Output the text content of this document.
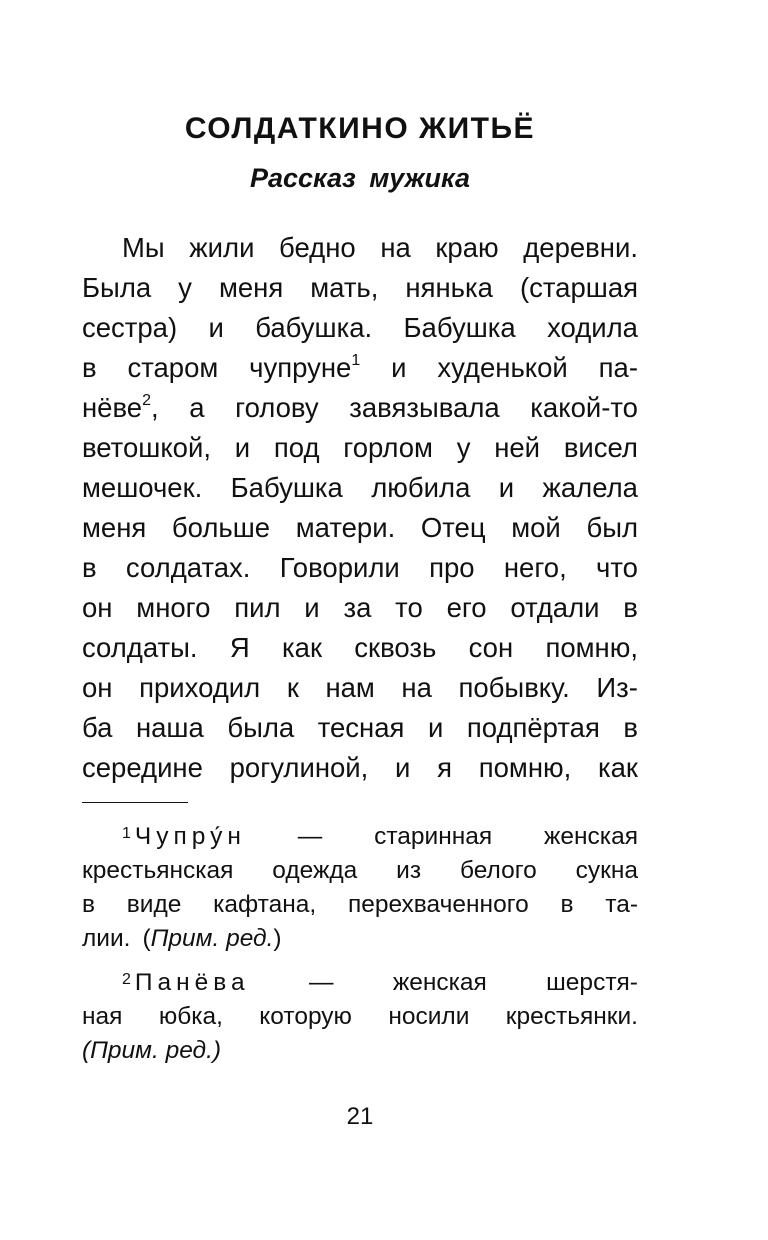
СОЛДАТКИНО ЖИТЬЁ
Рассказ мужика
Мы жили бедно на краю деревни.
Была у меня мать, нянька (старшая
сестра) и бабушка. Бабушка ходила
в старом чупруне$^1$ и худенькой па-
нёве$^2$, а голову завязывала какой-то
ветошкой, и под горлом у ней висел
мешочек. Бабушка любила и жалела
меня больше матери. Отец мой был
в солдатах. Говорили про него, что
он много пил и за то его отдали в
солдаты. Я как сквозь сон помню,
он приходил к нам на побывку. Из-
ба наша была тесная и подпёртая в
середине рогулиной, и я помню, как
$^1$ Чупру́н — старинная женская
крестьянская одежда из белого сукна
в виде кафтана, перехваченного в та-
лии. (Прим. ред.)
$^2$ Панёва — женская шерстя-
ная юбка, которую носили крестьянки.
(Прим. ред.)
21
